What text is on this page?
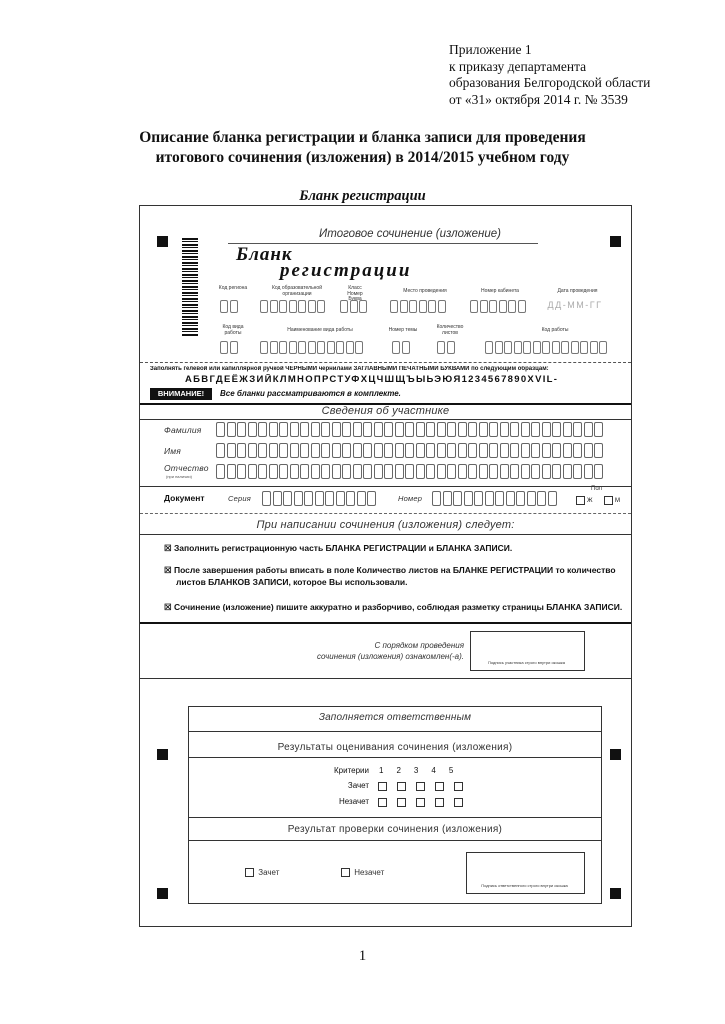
Приложение 1
к приказу департамента
образования Белгородской области
от «31» октября 2014 г. № 3539
Описание бланка регистрации и бланка записи для проведения
итогового сочинения (изложения) в 2014/2015 учебном году
Бланк регистрации
Итоговое сочинение (изложение)
Бланк
регистрации
Код региона	Код образовательной организации
Класс Номер Буква
Место проведения	Номер кабинета	Дата проведения
ДД-ММ-ГГ
Код вида работы	Наименование вида работы	Номер темы	Количество листов	Код работы
Заполнять гелевой или капиллярной ручкой ЧЕРНЫМИ чернилами ЗАГЛАВНЫМИ ПЕЧАТНЫМИ БУКВАМИ по следующим образцам:
АБВГДЕЁЖЗИЙКЛМНОПРСТУФХЦЧШЩЪЫЬЭЮЯ1234567890XVIL-
ВНИМАНИЕ!	Все бланки рассматриваются в комплекте.
Сведения об участнике
Фамилия
Имя
Отчество
(при наличии)
Документ	Серия	Номер
Пол
Ж	М
При написании сочинения (изложения) следует:
☒ Заполнить регистрационную часть БЛАНКА РЕГИСТРАЦИИ и БЛАНКА ЗАПИСИ.
☒ После завершения работы вписать в поле Количество листов на БЛАНКЕ РЕГИСТРАЦИИ то количество
листов БЛАНКОВ ЗАПИСИ, которое Вы использовали.
☒ Сочинение (изложение) пишите аккуратно и разборчиво, соблюдая разметку страницы БЛАНКА ЗАПИСИ.
С порядком проведения
сочинения (изложения) ознакомлен(-а).
Подпись участника строго внутри окошка
Заполняется ответственным
Результаты оценивания сочинения (изложения)
Критерии 1 2 3 4 5
Зачет
Незачет
Результат проверки сочинения (изложения)
Зачет	Незачет
Подпись ответственного строго внутри окошка
1
